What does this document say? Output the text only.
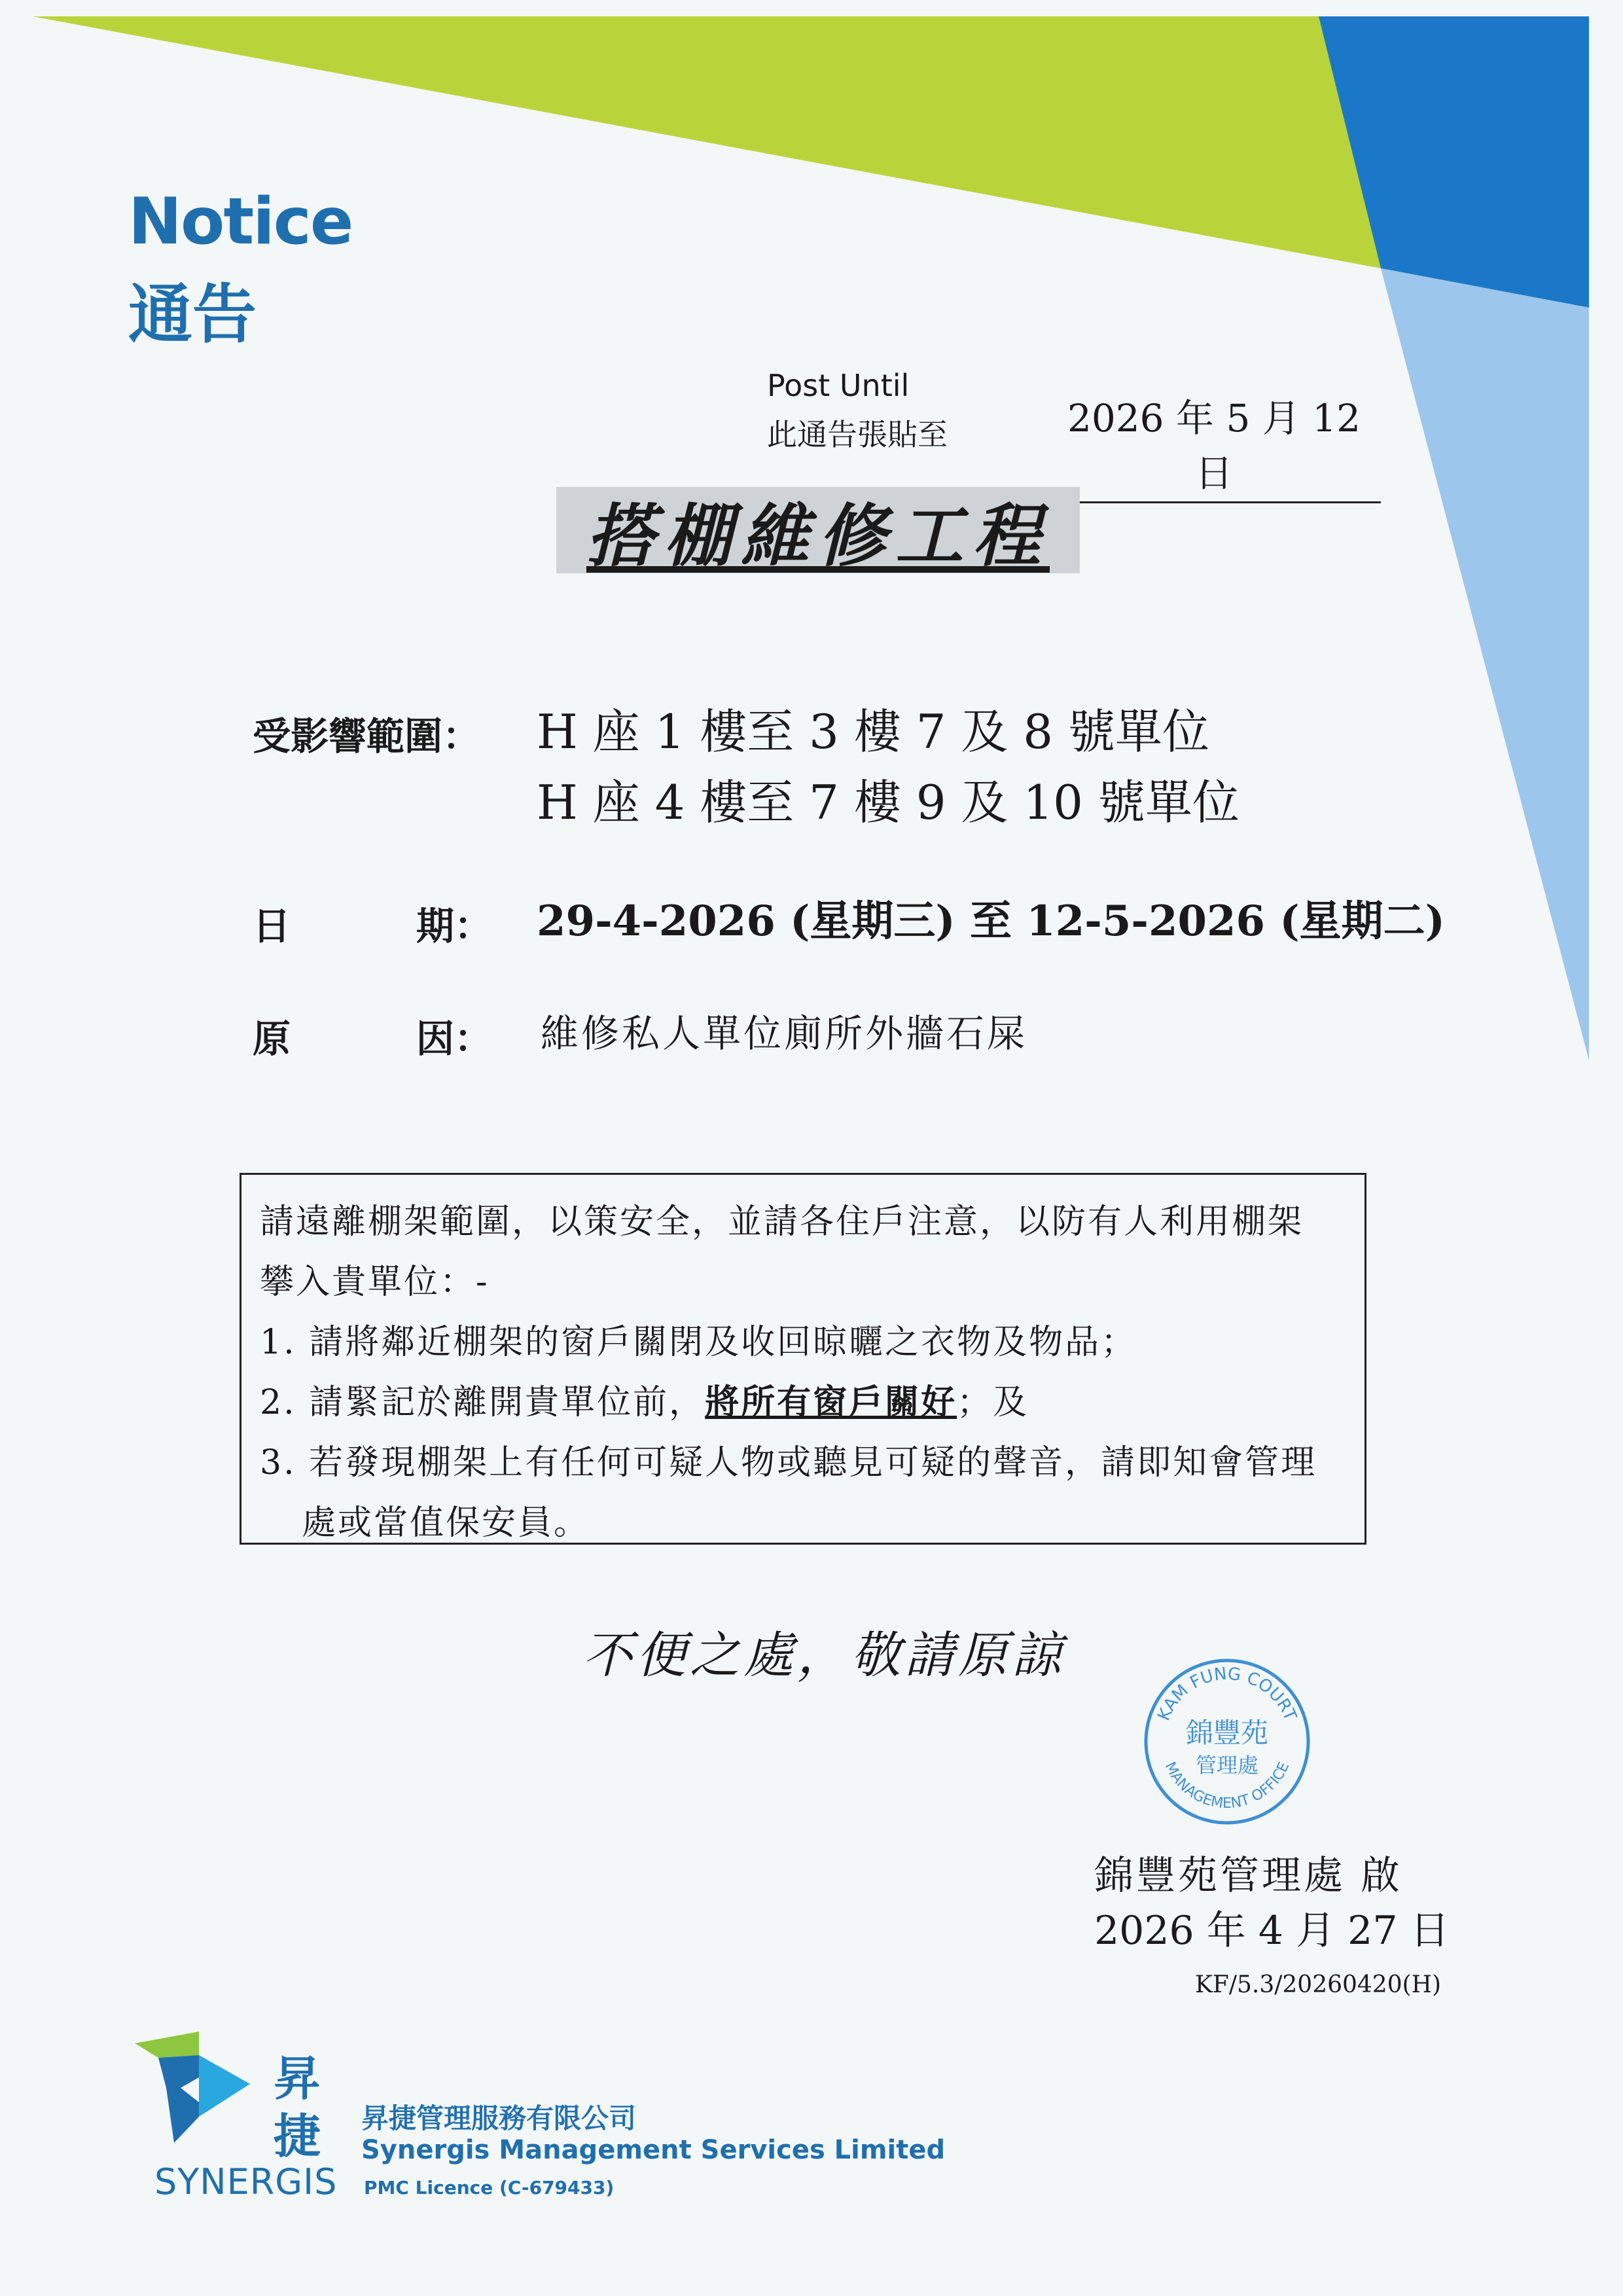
Notice
通告
Post Until
此通告張貼至	2026 年 5 月 12 日
搭棚維修工程
受影響範圍： H 座 1 樓至 3 樓 7 及 8 號單位
H 座 4 樓至 7 樓 9 及 10 號單位
日	期： 29-4-2026 (星期三) 至 12-5-2026 (星期二)
原	因： 維修私人單位廁所外牆石屎

請遠離棚架範圍，以策安全，並請各住戶注意，以防有人利用棚架

攀入貴單位：-

1. 請將鄰近棚架的窗戶關閉及收回晾曬之衣物及物品；

2. 請緊記於離開貴單位前，將所有窗戶關好；及

3. 若發現棚架上有任何可疑人物或聽見可疑的聲音，請即知會管理

處或當值保安員。

不便之處，敬請原諒
KAM FUNG COURT
MANAGEMENT OFFICE
錦豐苑
管理處
錦豐苑管理處 啟
2026 年 4 月 27 日
KF/5.3/20260420(H)
昇
捷
SYNERGIS
昇捷管理服務有限公司
Synergis Management Services Limited
PMC Licence (C-679433)
